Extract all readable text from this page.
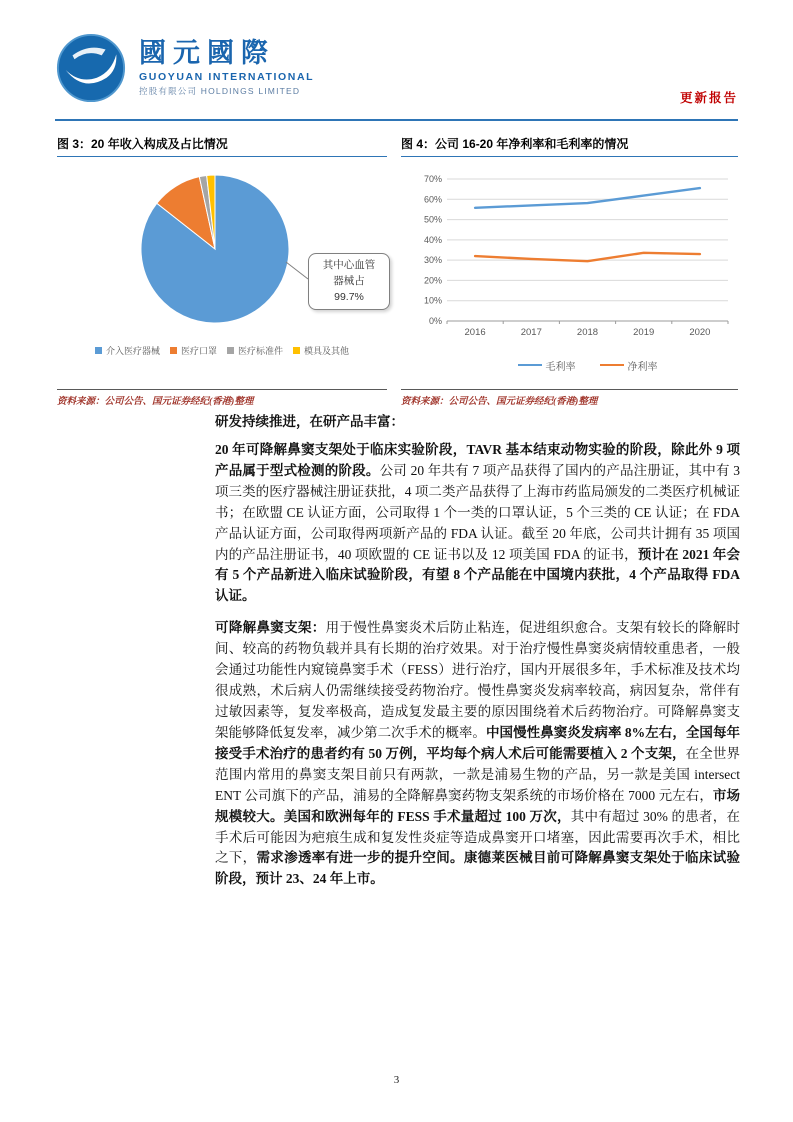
國元國際
GUOYUAN INTERNATIONAL
控股有限公司 HOLDINGS LIMITED	更新报告
图 3：20 年收入构成及占比情况
其中心血管
器械占
99.7%
介入医疗器械 医疗口罩 医疗标准件 模具及其他
资料来源：公司公告、国元证券经纪(香港)整理
图 4：公司 16-20 年净利率和毛利率的情况
0%
10%
20%
30%
40%
50%
60%
70%
2016	2017	2018	2019	2020
毛利率	净利率
资料来源：公司公告、国元证券经纪(香港)整理

研发持续推进，在研产品丰富：

20 年可降解鼻窦支架处于临床实验阶段，TAVR 基本结束动物实验的阶段，除此外 9 项产品属于型式检测的阶段。公司 20 年共有 7 项产品获得了国内的产品注册证，其中有 3 项三类的医疗器械注册证获批，4 项二类产品获得了上海市药监局颁发的二类医疗机械证书；在欧盟 CE 认证方面，公司取得 1 个一类的口罩认证，5 个三类的 CE 认证；在 FDA 产品认证方面，公司取得两项新产品的 FDA 认证。截至 20 年底，公司共计拥有 35 项国内的产品注册证书，40 项欧盟的 CE 证书以及 12 项美国 FDA 的证书，预计在 2021 年会有 5 个产品新进入临床试验阶段，有望 8 个产品能在中国境内获批，4 个产品取得 FDA 认证。

可降解鼻窦支架：用于慢性鼻窦炎术后防止粘连，促进组织愈合。支架有较长的降解时间、较高的药物负载并具有长期的治疗效果。对于治疗慢性鼻窦炎病情较重患者，一般会通过功能性内窥镜鼻窦手术（FESS）进行治疗，国内开展很多年，手术标准及技术均很成熟，术后病人仍需继续接受药物治疗。慢性鼻窦炎发病率较高，病因复杂，常伴有过敏因素等，复发率极高，造成复发最主要的原因围绕着术后药物治疗。可降解鼻窦支架能够降低复发率，减少第二次手术的概率。中国慢性鼻窦炎发病率 8%左右，全国每年接受手术治疗的患者约有 50 万例，平均每个病人术后可能需要植入 2 个支架，在全世界范围内常用的鼻窦支架目前只有两款，一款是浦易生物的产品，另一款是美国 intersect ENT 公司旗下的产品，浦易的全降解鼻窦药物支架系统的市场价格在 7000 元左右，市场规模较大。美国和欧洲每年的 FESS 手术量超过 100 万次，其中有超过 30% 的患者，在手术后可能因为疤痕生成和复发性炎症等造成鼻窦开口堵塞，因此需要再次手术，相比之下，需求渗透率有进一步的提升空间。康德莱医械目前可降解鼻窦支架处于临床试验阶段，预计 23、24 年上市。

3
